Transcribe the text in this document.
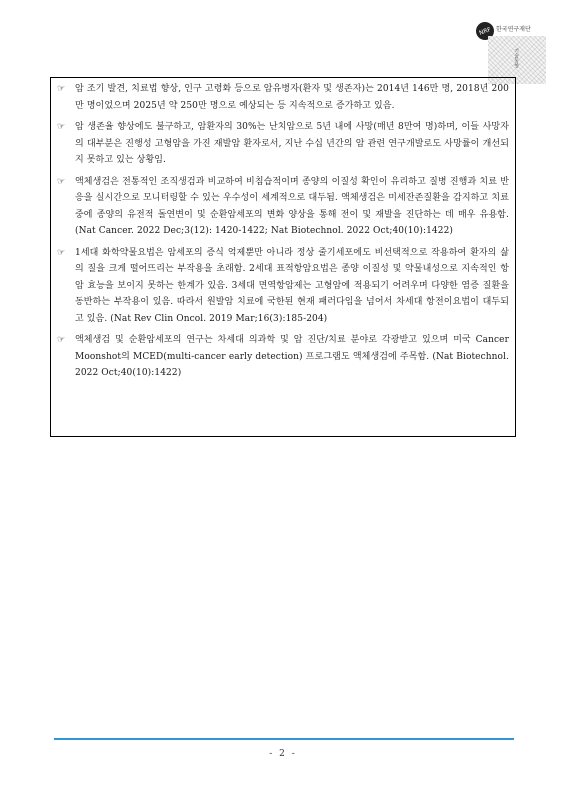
NRF 한국연구재단
기술동향
☞	암 조기 발견, 치료법 향상, 인구 고령화 등으로 암유병자(환자 및 생존자)는 2014년 146만 명, 2018년 200만 명이었으며 2025년 약 250만 명으로 예상되는 등 지속적으로 증가하고 있음.
☞	암 생존율 향상에도 불구하고, 암환자의 30%는 난치암으로 5년 내에 사망(매년 8만여 명)하며, 이들 사망자의 대부분은 진행성 고형암을 가진 재발암 환자로서, 지난 수십 년간의 암 관련 연구개발로도 사망률이 개선되지 못하고 있는 상황임.
☞	액체생검은 전통적인 조직생검과 비교하여 비침습적이며 종양의 이질성 확인이 유리하고 질병 진행과 치료 반응을 실시간으로 모니터링할 수 있는 우수성이 세계적으로 대두됨. 액체생검은 미세잔존질환을 감지하고 치료 중에 종양의 유전적 돌연변이 및 순환암세포의 변화 양상을 통해 전이 및 재발을 진단하는 데 매우 유용함. (Nat Cancer. 2022 Dec;3(12): 1420-1422; Nat Biotechnol. 2022 Oct;40(10):1422)
☞	1세대 화학약물요법은 암세포의 증식 억제뿐만 아니라 정상 줄기세포에도 비선택적으로 작용하여 환자의 삶의 질을 크게 떨어뜨리는 부작용을 초래함. 2세대 표적항암요법은 종양 이질성 및 약물내성으로 지속적인 항암 효능을 보이지 못하는 한계가 있음. 3세대 면역항암제는 고형암에 적용되기 어려우며 다양한 염증 질환을 동반하는 부작용이 있음. 따라서 원발암 치료에 국한된 현재 패러다임을 넘어서 차세대 항전이요법이 대두되고 있음. (Nat Rev Clin Oncol. 2019 Mar;16(3):185-204)
☞	액체생검 및 순환암세포의 연구는 차세대 의과학 및 암 진단/치료 분야로 각광받고 있으며 미국 Cancer Moonshot의 MCED(multi-cancer early detection) 프로그램도 액체생검에 주목함. (Nat Biotechnol. 2022 Oct;40(10):1422)
- 2 -
